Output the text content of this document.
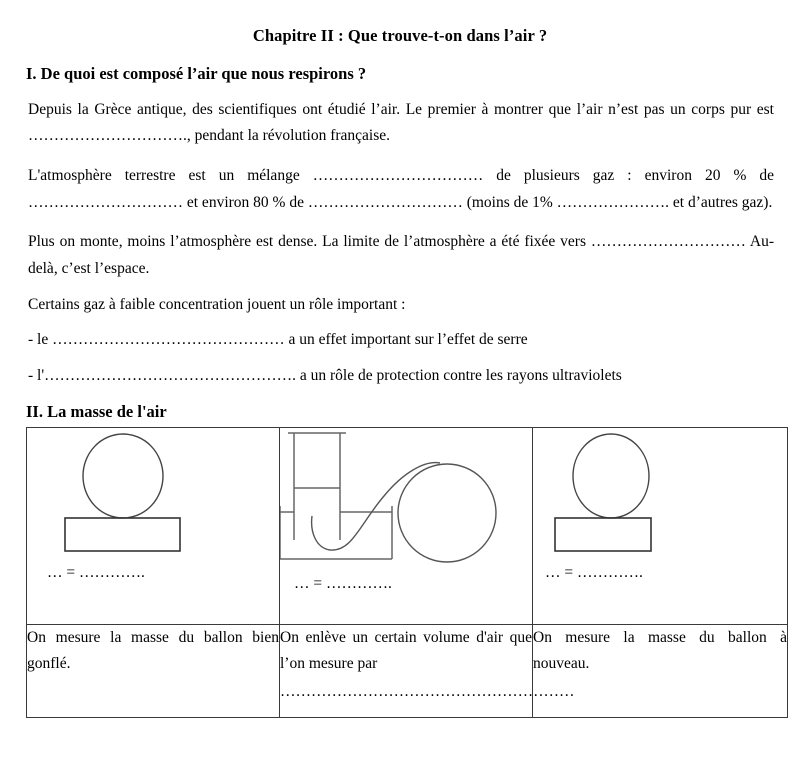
Chapitre II : Que trouve-t-on dans l’air ?
I. De quoi est composé l’air que nous respirons ?
Depuis la Grèce antique, des scientifiques ont étudié l’air. Le premier à montrer que l’air n’est pas un corps pur est …………………………., pendant la révolution française.
L'atmosphère terrestre est un mélange …………………………… de plusieurs gaz : environ 20 % de ………………………… et environ 80 % de ………………………… (moins de 1% …………………. et d’autres gaz).
Plus on monte, moins l’atmosphère est dense. La limite de l’atmosphère a été fixée vers ………………………… Au-delà, c’est l’espace.
Certains gaz à faible concentration jouent un rôle important :
- le ……………………………………… a un effet important sur l’effet de serre
- l'…………………………………………. a un rôle de protection contre les rayons ultraviolets
II. La masse de l'air
… = ………….	… = ………….	… = ………….

On mesure la masse du ballon bien gonflé.	On enlève un certain volume d'air que l’on mesure par
…………………………………………………	On mesure la masse du ballon à nouveau.
